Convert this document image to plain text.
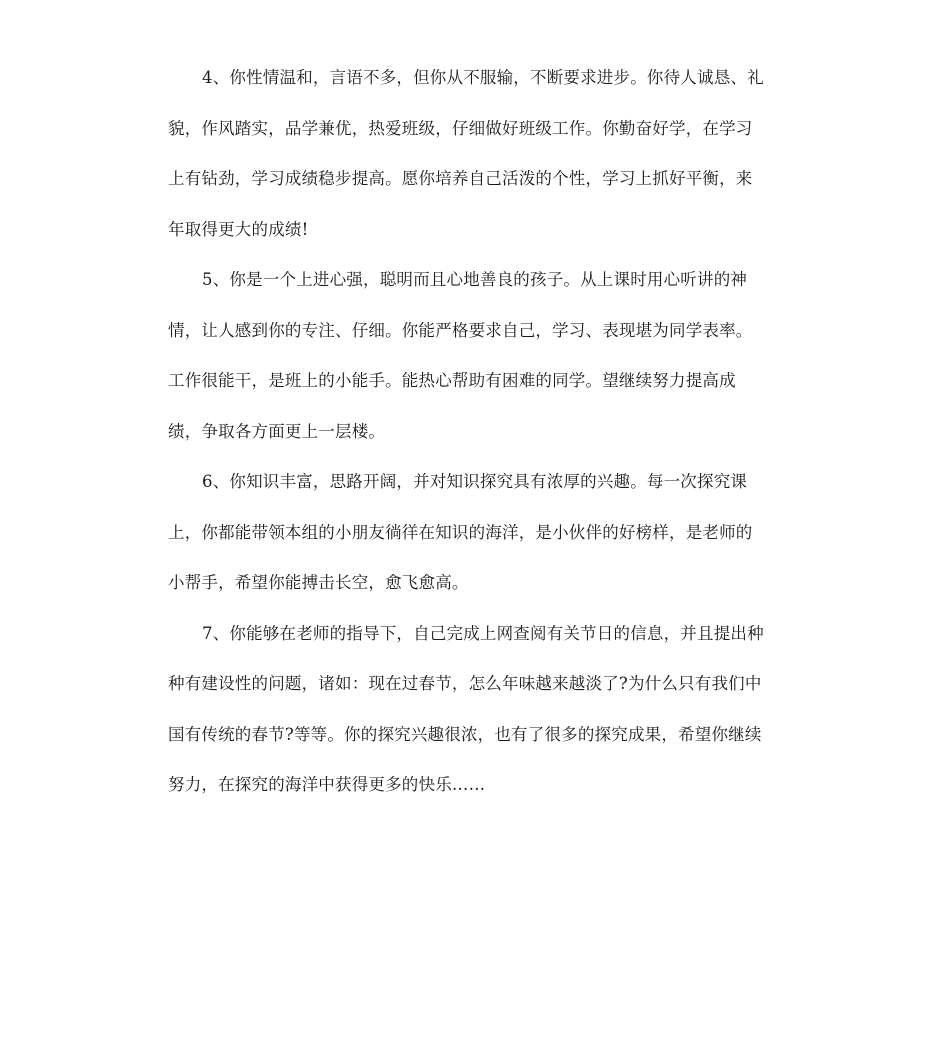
4、你性情温和，言语不多，但你从不服输，不断要求进步。你待人诚恳、礼
貌，作风踏实，品学兼优，热爱班级，仔细做好班级工作。你勤奋好学，在学习
上有钻劲，学习成绩稳步提高。愿你培养自己活泼的个性，学习上抓好平衡，来
年取得更大的成绩!
5、你是一个上进心强，聪明而且心地善良的孩子。从上课时用心听讲的神
情，让人感到你的专注、仔细。你能严格要求自己，学习、表现堪为同学表率。
工作很能干，是班上的小能手。能热心帮助有困难的同学。望继续努力提高成
绩，争取各方面更上一层楼。
6、你知识丰富，思路开阔，并对知识探究具有浓厚的兴趣。每一次探究课
上，你都能带领本组的小朋友徜徉在知识的海洋，是小伙伴的好榜样，是老师的
小帮手，希望你能搏击长空，愈飞愈高。
7、你能够在老师的指导下，自己完成上网查阅有关节日的信息，并且提出种
种有建设性的问题，诸如：现在过春节，怎么年味越来越淡了?为什么只有我们中
国有传统的春节?等等。你的探究兴趣很浓，也有了很多的探究成果，希望你继续
努力，在探究的海洋中获得更多的快乐……
